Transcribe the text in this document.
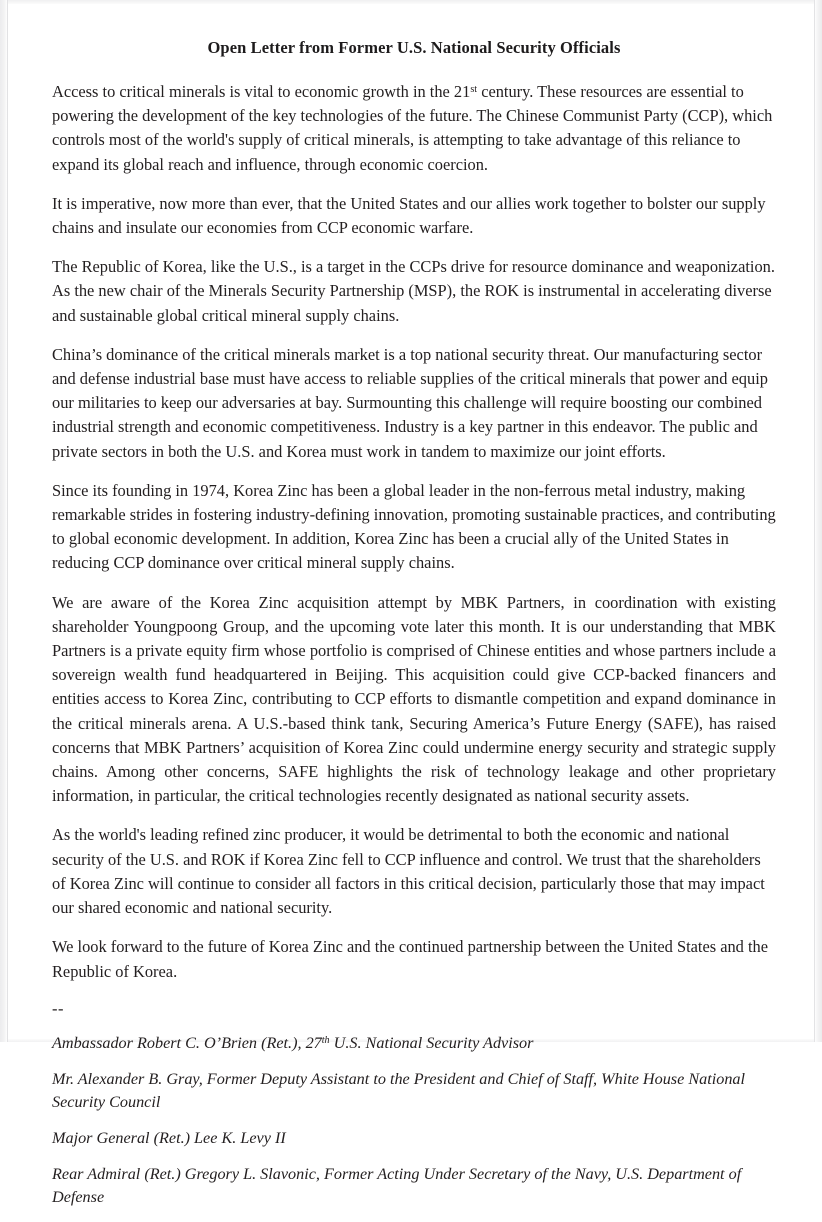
Open Letter from Former U.S. National Security Officials

Access to critical minerals is vital to economic growth in the 21st century. These resources are essential to powering the development of the key technologies of the future. The Chinese Communist Party (CCP), which controls most of the world's supply of critical minerals, is attempting to take advantage of this reliance to expand its global reach and influence, through economic coercion.

It is imperative, now more than ever, that the United States and our allies work together to bolster our supply chains and insulate our economies from CCP economic warfare.

The Republic of Korea, like the U.S., is a target in the CCPs drive for resource dominance and weaponization. As the new chair of the Minerals Security Partnership (MSP), the ROK is instrumental in accelerating diverse and sustainable global critical mineral supply chains.

China’s dominance of the critical minerals market is a top national security threat. Our manufacturing sector and defense industrial base must have access to reliable supplies of the critical minerals that power and equip our militaries to keep our adversaries at bay. Surmounting this challenge will require boosting our combined industrial strength and economic competitiveness. Industry is a key partner in this endeavor. The public and private sectors in both the U.S. and Korea must work in tandem to maximize our joint efforts.

Since its founding in 1974, Korea Zinc has been a global leader in the non-ferrous metal industry, making remarkable strides in fostering industry-defining innovation, promoting sustainable practices, and contributing to global economic development. In addition, Korea Zinc has been a crucial ally of the United States in reducing CCP dominance over critical mineral supply chains.

We are aware of the Korea Zinc acquisition attempt by MBK Partners, in coordination with existing shareholder Youngpoong Group, and the upcoming vote later this month. It is our understanding that MBK Partners is a private equity firm whose portfolio is comprised of Chinese entities and whose partners include a sovereign wealth fund headquartered in Beijing. This acquisition could give CCP-backed financers and entities access to Korea Zinc, contributing to CCP efforts to dismantle competition and expand dominance in the critical minerals arena. A U.S.-based think tank, Securing America’s Future Energy (SAFE), has raised concerns that MBK Partners’ acquisition of Korea Zinc could undermine energy security and strategic supply chains. Among other concerns, SAFE highlights the risk of technology leakage and other proprietary information, in particular, the critical technologies recently designated as national security assets.

As the world's leading refined zinc producer, it would be detrimental to both the economic and national security of the U.S. and ROK if Korea Zinc fell to CCP influence and control. We trust that the shareholders of Korea Zinc will continue to consider all factors in this critical decision, particularly those that may impact our shared economic and national security.

We look forward to the future of Korea Zinc and the continued partnership between the United States and the Republic of Korea.

--

Ambassador Robert C. O’Brien (Ret.), 27th U.S. National Security Advisor

Mr. Alexander B. Gray, Former Deputy Assistant to the President and Chief of Staff, White House National Security Council

Major General (Ret.) Lee K. Levy II

Rear Admiral (Ret.) Gregory L. Slavonic, Former Acting Under Secretary of the Navy, U.S. Department of Defense
